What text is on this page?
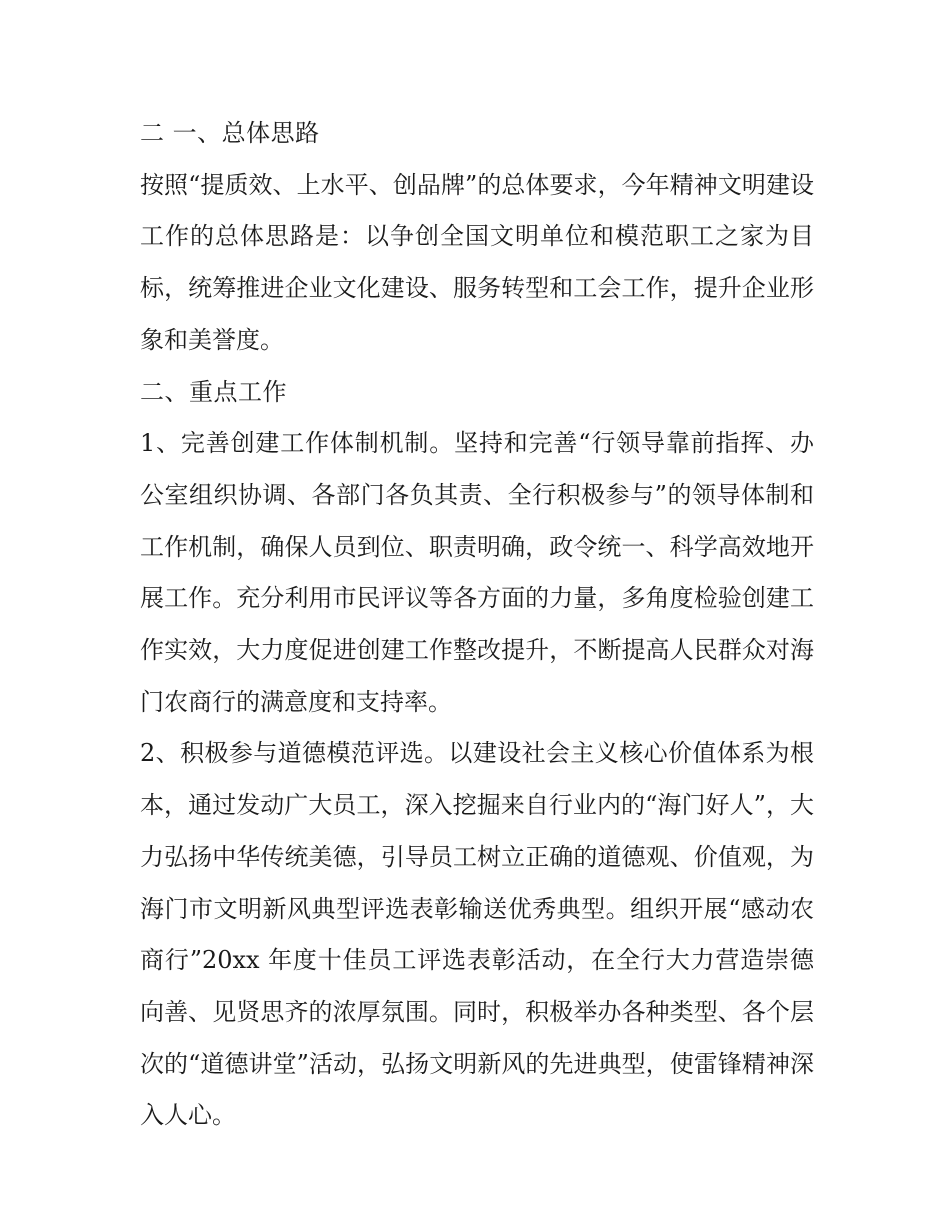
二 一、总体思路

按照“提质效、上水平、创品牌”的总体要求，今年精神文明建设工作的总体思路是：以争创全国文明单位和模范职工之家为目标，统筹推进企业文化建设、服务转型和工会工作，提升企业形象和美誉度。

二、重点工作

1、完善创建工作体制机制。坚持和完善“行领导靠前指挥、办公室组织协调、各部门各负其责、全行积极参与”的领导体制和工作机制，确保人员到位、职责明确，政令统一、科学高效地开展工作。充分利用市民评议等各方面的力量，多角度检验创建工作实效，大力度促进创建工作整改提升，不断提高人民群众对海门农商行的满意度和支持率。

2、积极参与道德模范评选。以建设社会主义核心价值体系为根本，通过发动广大员工，深入挖掘来自行业内的“海门好人”，大力弘扬中华传统美德，引导员工树立正确的道德观、价值观，为海门市文明新风典型评选表彰输送优秀典型。组织开展“感动农商行”20xx 年度十佳员工评选表彰活动，在全行大力营造崇德向善、见贤思齐的浓厚氛围。同时，积极举办各种类型、各个层次的“道德讲堂”活动，弘扬文明新风的先进典型，使雷锋精神深入人心。
